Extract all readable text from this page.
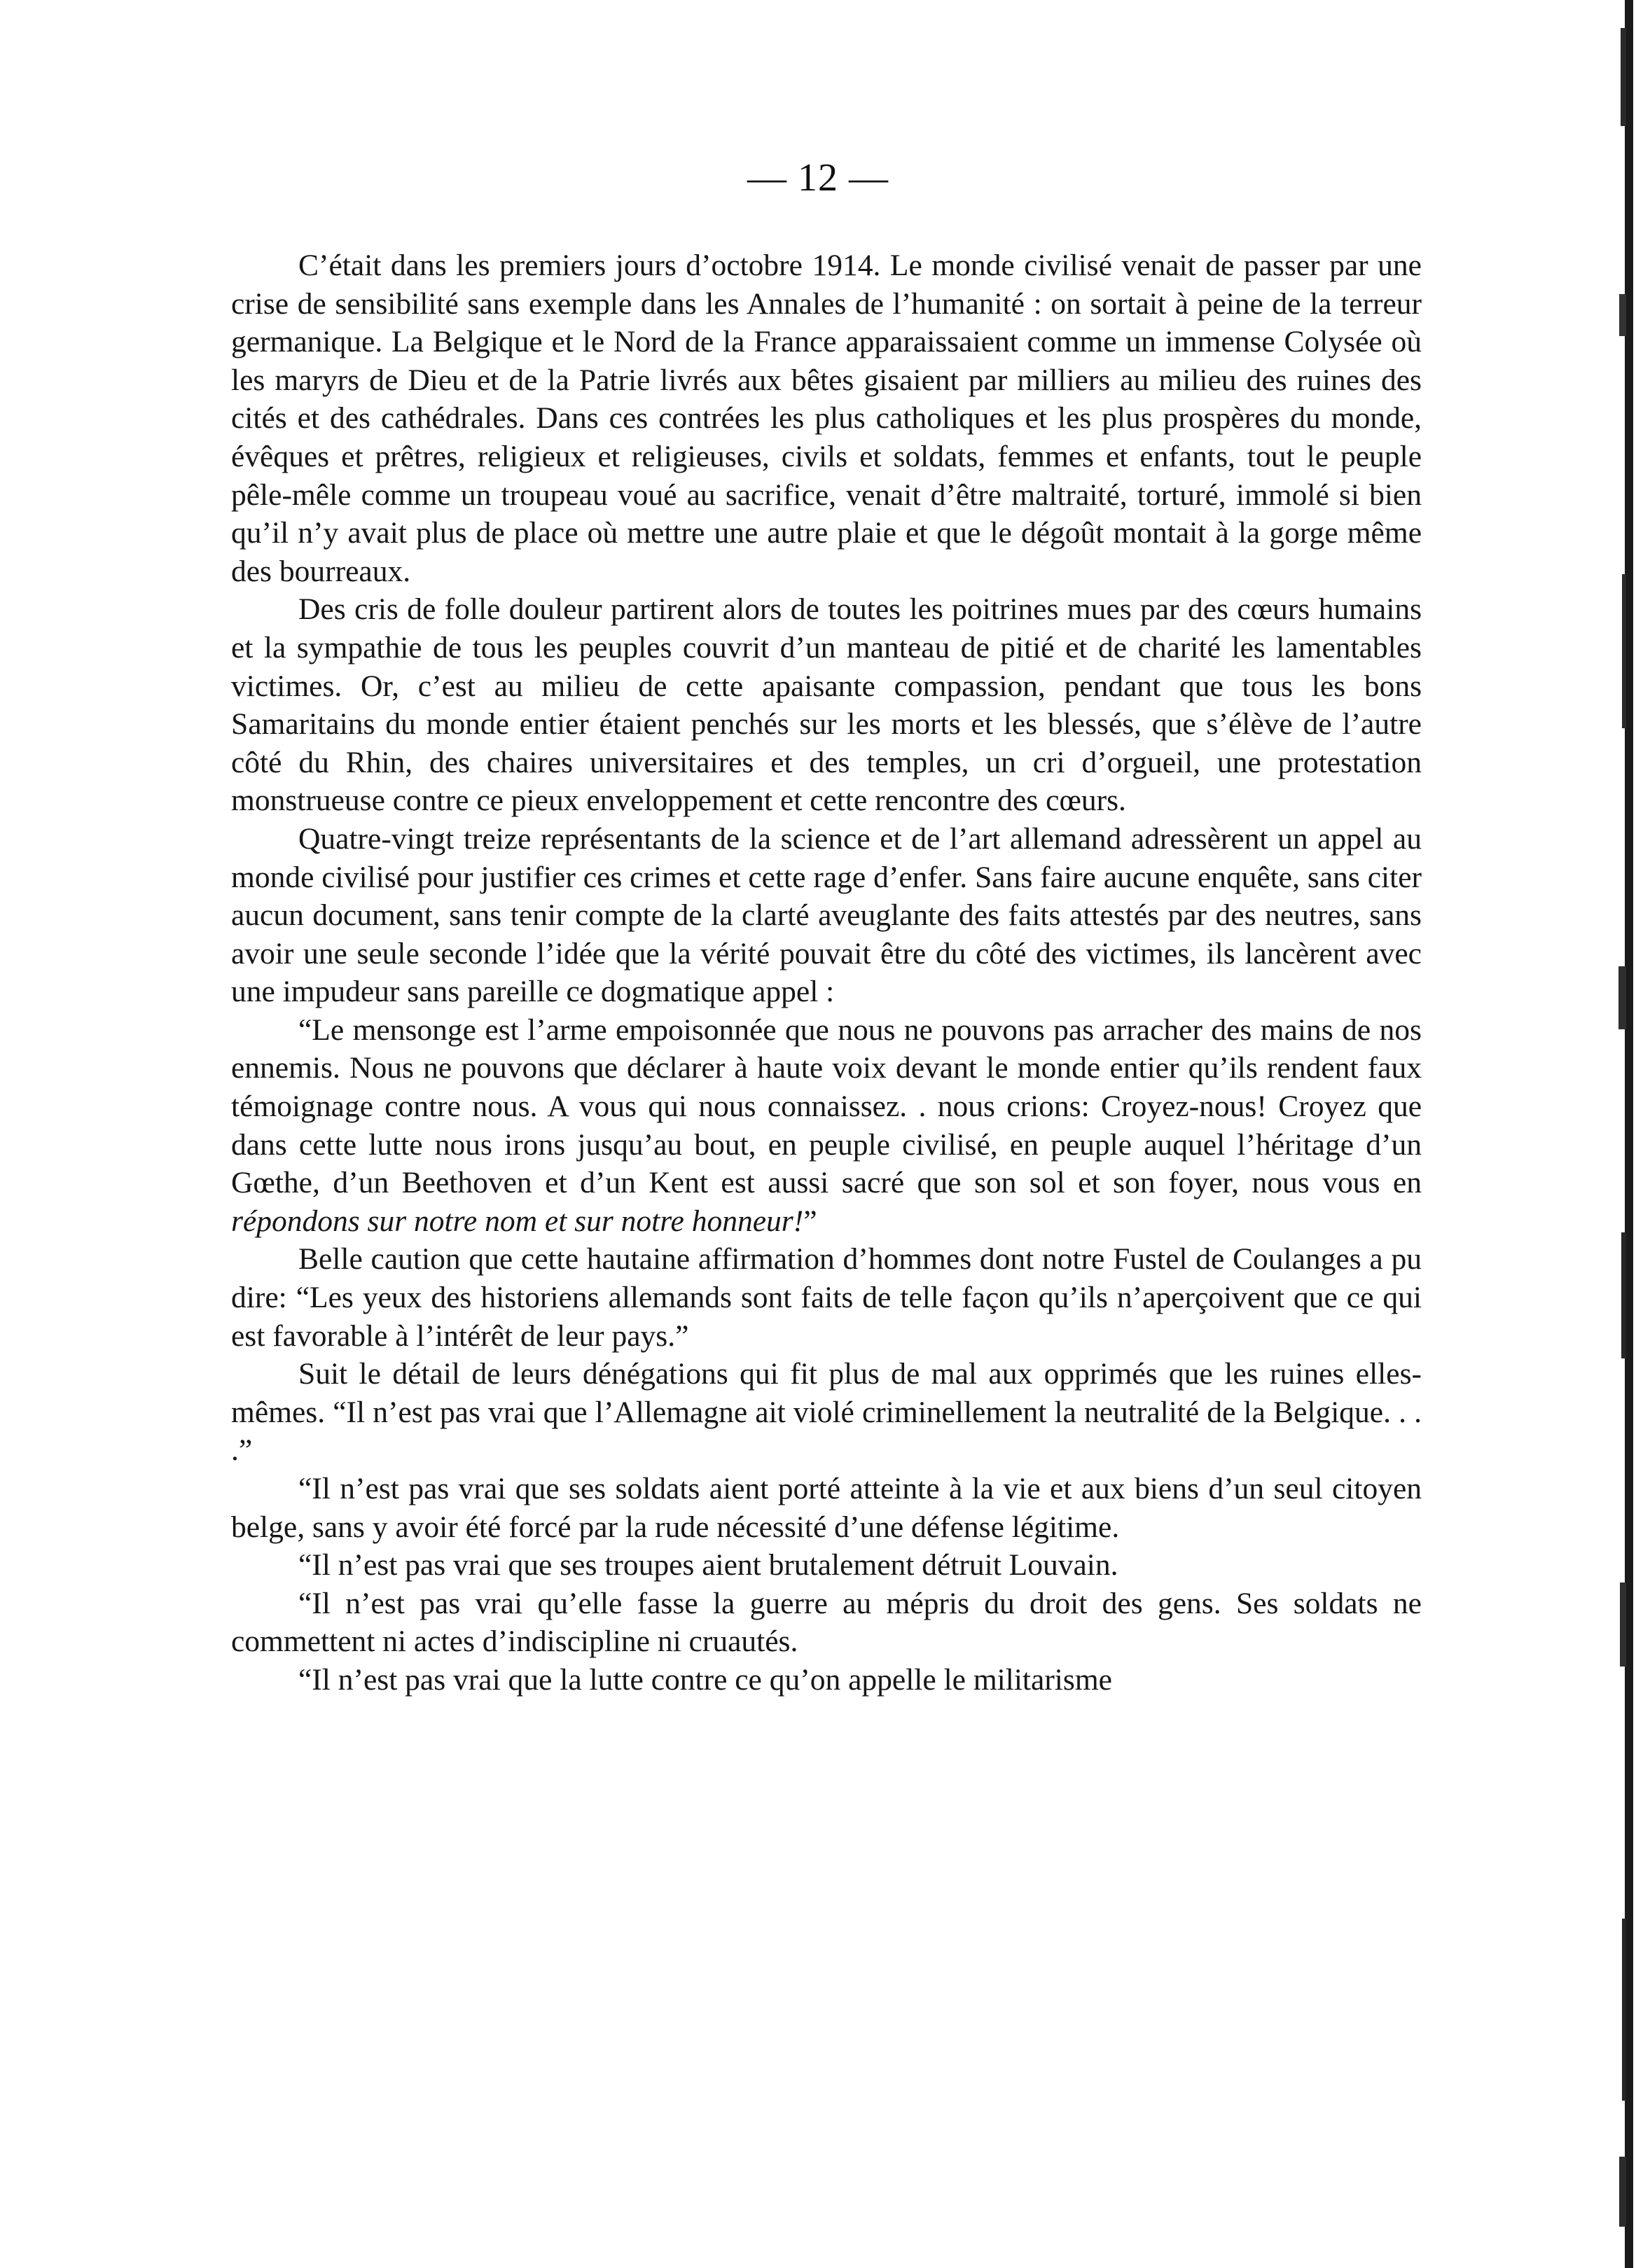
— 12 —

C’était dans les premiers jours d’octobre 1914. Le monde civilisé venait de passer par une crise de sensibilité sans exemple dans les Annales de l’humanité : on sortait à peine de la terreur germanique. La Belgique et le Nord de la France apparaissaient comme un immense Colysée où les maryrs de Dieu et de la Patrie livrés aux bêtes gisaient par milliers au milieu des ruines des cités et des cathédrales. Dans ces contrées les plus catholiques et les plus prospères du monde, évêques et prêtres, religieux et religieuses, civils et soldats, femmes et enfants, tout le peuple pêle-mêle comme un troupeau voué au sacrifice, venait d’être maltraité, torturé, immolé si bien qu’il n’y avait plus de place où mettre une autre plaie et que le dégoût montait à la gorge même des bourreaux.

Des cris de folle douleur partirent alors de toutes les poitrines mues par des cœurs humains et la sympathie de tous les peuples couvrit d’un manteau de pitié et de charité les lamentables victimes. Or, c’est au milieu de cette apaisante compassion, pendant que tous les bons Samaritains du monde entier étaient penchés sur les morts et les blessés, que s’élève de l’autre côté du Rhin, des chaires universitaires et des temples, un cri d’orgueil, une protestation monstrueuse contre ce pieux enveloppement et cette rencontre des cœurs.

Quatre-vingt treize représentants de la science et de l’art allemand adressèrent un appel au monde civilisé pour justifier ces crimes et cette rage d’enfer. Sans faire aucune enquête, sans citer aucun document, sans tenir compte de la clarté aveuglante des faits attestés par des neutres, sans avoir une seule seconde l’idée que la vérité pouvait être du côté des victimes, ils lancèrent avec une impudeur sans pareille ce dogmatique appel :

“Le mensonge est l’arme empoisonnée que nous ne pouvons pas arracher des mains de nos ennemis. Nous ne pouvons que déclarer à haute voix devant le monde entier qu’ils rendent faux témoignage contre nous. A vous qui nous connaissez. . nous crions: Croyez-nous! Croyez que dans cette lutte nous irons jusqu’au bout, en peuple civilisé, en peuple auquel l’héritage d’un Gœthe, d’un Beethoven et d’un Kent est aussi sacré que son sol et son foyer, nous vous en répondons sur notre nom et sur notre honneur!”

Belle caution que cette hautaine affirmation d’hommes dont notre Fustel de Coulanges a pu dire: “Les yeux des historiens allemands sont faits de telle façon qu’ils n’aperçoivent que ce qui est favorable à l’intérêt de leur pays.”

Suit le détail de leurs dénégations qui fit plus de mal aux opprimés que les ruines elles-mêmes. “Il n’est pas vrai que l’Allemagne ait violé criminellement la neutralité de la Belgique. . . .”

“Il n’est pas vrai que ses soldats aient porté atteinte à la vie et aux biens d’un seul citoyen belge, sans y avoir été forcé par la rude nécessité d’une défense légitime.

“Il n’est pas vrai que ses troupes aient brutalement détruit Louvain.

“Il n’est pas vrai qu’elle fasse la guerre au mépris du droit des gens. Ses soldats ne commettent ni actes d’indiscipline ni cruautés.

“Il n’est pas vrai que la lutte contre ce qu’on appelle le militarisme
